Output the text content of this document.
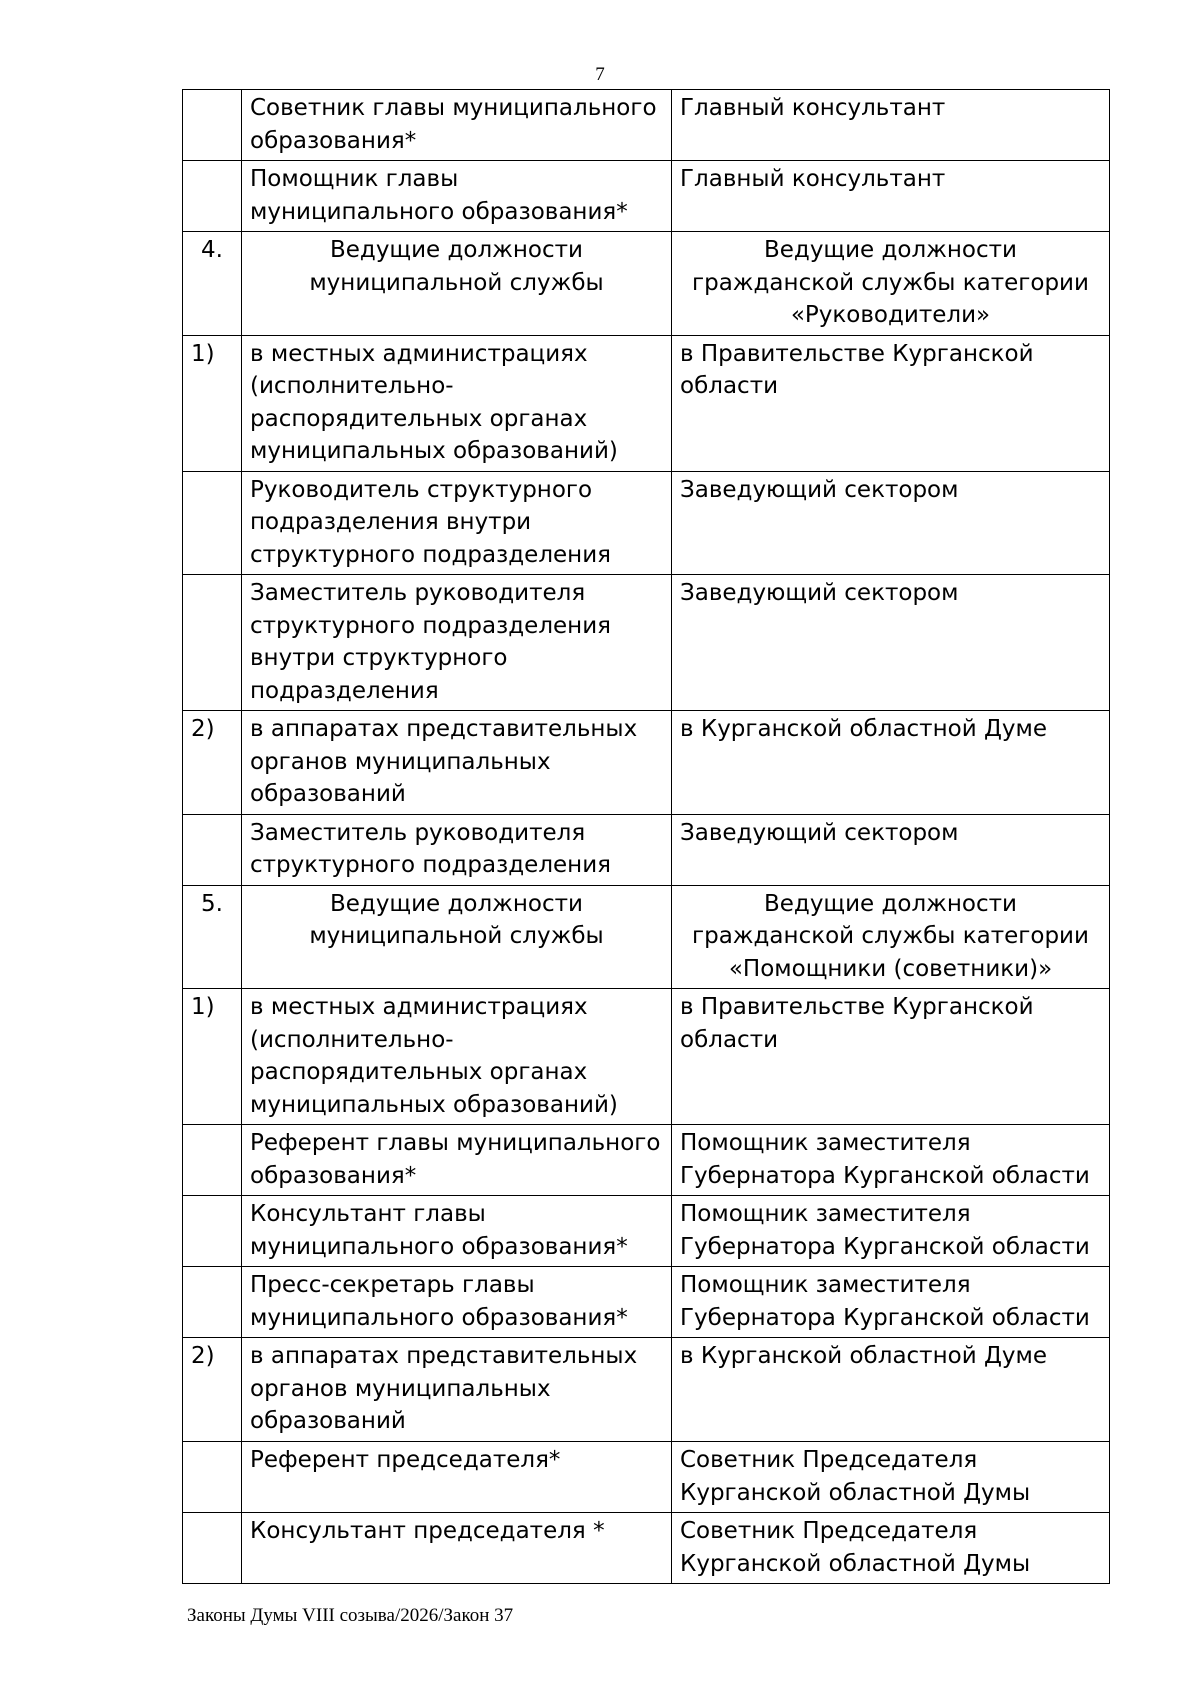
7
	Советник главы муниципального образования*	Главный консультант
	Помощник главы муниципального образования*	Главный консультант
4.	Ведущие должности муниципальной службы	Ведущие должности гражданской службы категории «Руководители»
1)	в местных администрациях (исполнительно-распорядительных органах муниципальных образований)	в Правительстве Курганской области
	Руководитель структурного подразделения внутри структурного подразделения	Заведующий сектором
	Заместитель руководителя структурного подразделения внутри структурного подразделения	Заведующий сектором
2)	в аппаратах представительных органов муниципальных образований	в Курганской областной Думе
	Заместитель руководителя структурного подразделения	Заведующий сектором
5.	Ведущие должности муниципальной службы	Ведущие должности гражданской службы категории «Помощники (советники)»
1)	в местных администрациях (исполнительно-распорядительных органах муниципальных образований)	в Правительстве Курганской области
	Референт главы муниципального образования*	Помощник заместителя Губернатора Курганской области
	Консультант главы муниципального образования*	Помощник заместителя Губернатора Курганской области
	Пресс-секретарь главы муниципального образования*	Помощник заместителя Губернатора Курганской области
2)	в аппаратах представительных органов муниципальных образований	в Курганской областной Думе
	Референт председателя*	Советник Председателя Курганской областной Думы
	Консультант председателя *	Советник Председателя Курганской областной Думы
Законы Думы VIII созыва/2026/Закон 37
